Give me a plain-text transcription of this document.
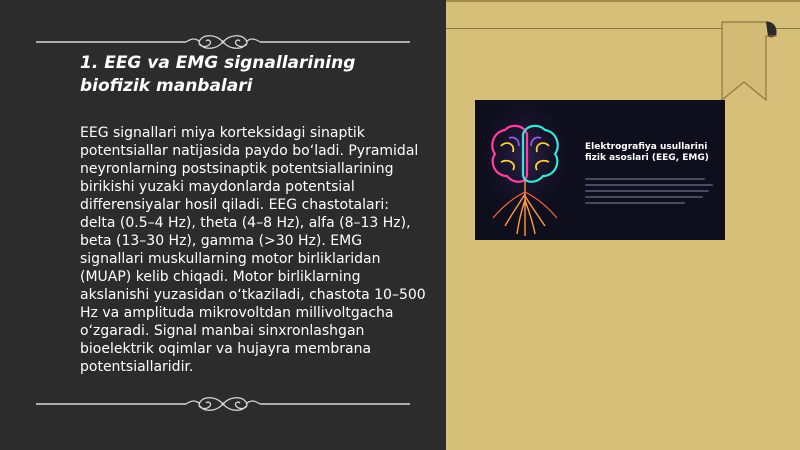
1. EEG va EMG signallarining biofizik manbalari

EEG signallari miya korteksidagi sinaptik potentsiallar natijasida paydo bo‘ladi. Pyramidal neyronlarning postsinaptik potentsiallarining birikishi yuzaki maydonlarda potentsial differensiyalar hosil qiladi. EEG chastotalari: delta (0.5–4 Hz), theta (4–8 Hz), alfa (8–13 Hz), beta (13–30 Hz), gamma (>30 Hz). EMG signallari muskullarning motor birliklaridan (MUAP) kelib chiqadi. Motor birliklarning akslanishi yuzasidan o‘tkaziladi, chastota 10–500 Hz va amplituda mikrovoltdan millivoltgacha o‘zgaradi. Signal manbai sinxronlashgan bioelektrik oqimlar va hujayra membrana potentsiallaridir.

Elektrografiya usullarini fizik asoslari (EEG, EMG)
